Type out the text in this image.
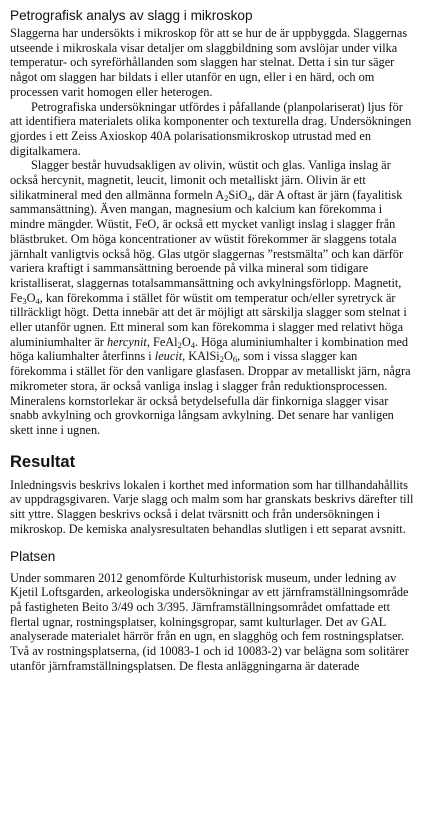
Petrografisk analys av slagg i mikroskop

Slaggerna har undersökts i mikroskop för att se hur de är uppbyggda. Slaggernas utseende i mikroskala visar detaljer om slaggbildning som avslöjar under vilka temperatur- och syreförhållanden som slaggen har stelnat. Detta i sin tur säger något om slaggen har bildats i eller utanför en ugn, eller i en härd, och om processen varit homogen eller heterogen.

Petrografiska undersökningar utfördes i påfallande (planpolariserat) ljus för att identifiera materialets olika komponenter och texturella drag. Undersökningen gjordes i ett Zeiss Axioskop 40A polarisationsmikroskop utrustad med en digitalkamera.

Slagger består huvudsakligen av olivin, wüstit och glas. Vanliga inslag är också hercynit, magnetit, leucit, limonit och metalliskt järn. Olivin är ett silikatmineral med den allmänna formeln $A_2SiO_4$, där A oftast är järn (fayalitisk sammansättning). Även mangan, magnesium och kalcium kan förekomma i mindre mängder. Wüstit, FeO, är också ett mycket vanligt inslag i slagger från blästbruket. Om höga koncentrationer av wüstit förekommer är slaggens totala järnhalt vanligtvis också hög. Glas utgör slaggernas ”restsmälta” och kan därför variera kraftigt i sammansättning beroende på vilka mineral som tidigare kristalliserat, slaggernas totalsammansättning och avkylningsförlopp. Magnetit, $Fe_3O_4$, kan förekomma i stället för wüstit om temperatur och/eller syretryck är tillräckligt högt. Detta innebär att det är möjligt att särskilja slagger som stelnat i eller utanför ugnen. Ett mineral som kan förekomma i slagger med relativt höga aluminiumhalter är hercynit, $FeAl_2O_4$. Höga aluminiumhalter i kombination med höga kaliumhalter återfinns i leucit, $KAlSi_2O_6$, som i vissa slagger kan förekomma i stället för den vanligare glasfasen. Droppar av metalliskt järn, några mikrometer stora, är också vanliga inslag i slagger från reduktionsprocessen. Mineralens kornstorlekar är också betydelsefulla där finkorniga slagger visar snabb avkylning och grovkorniga långsam avkylning. Det senare har vanligen skett inne i ugnen.

Resultat

Inledningsvis beskrivs lokalen i korthet med information som har tillhandahållits av uppdragsgivaren. Varje slagg och malm som har granskats beskrivs därefter till sitt yttre. Slaggen beskrivs också i delat tvärsnitt och från undersökningen i mikroskop. De kemiska analysresultaten behandlas slutligen i ett separat avsnitt.

Platsen

Under sommaren 2012 genomförde Kulturhistorisk museum, under ledning av Kjetil Loftsgarden, arkeologiska undersökningar av ett järnframställningsområde på fastigheten Beito 3/49 och 3/395. Järnframställningsområdet omfattade ett flertal ugnar, rostningsplatser, kolningsgropar, samt kulturlager. Det av GAL analyserade materialet härrör från en ugn, en slagghög och fem rostningsplatser. Två av rostningsplatserna, (id 10083-1 och id 10083-2) var belägna som solitärer utanför järnframställningsplatsen. De flesta anläggningarna är daterade
